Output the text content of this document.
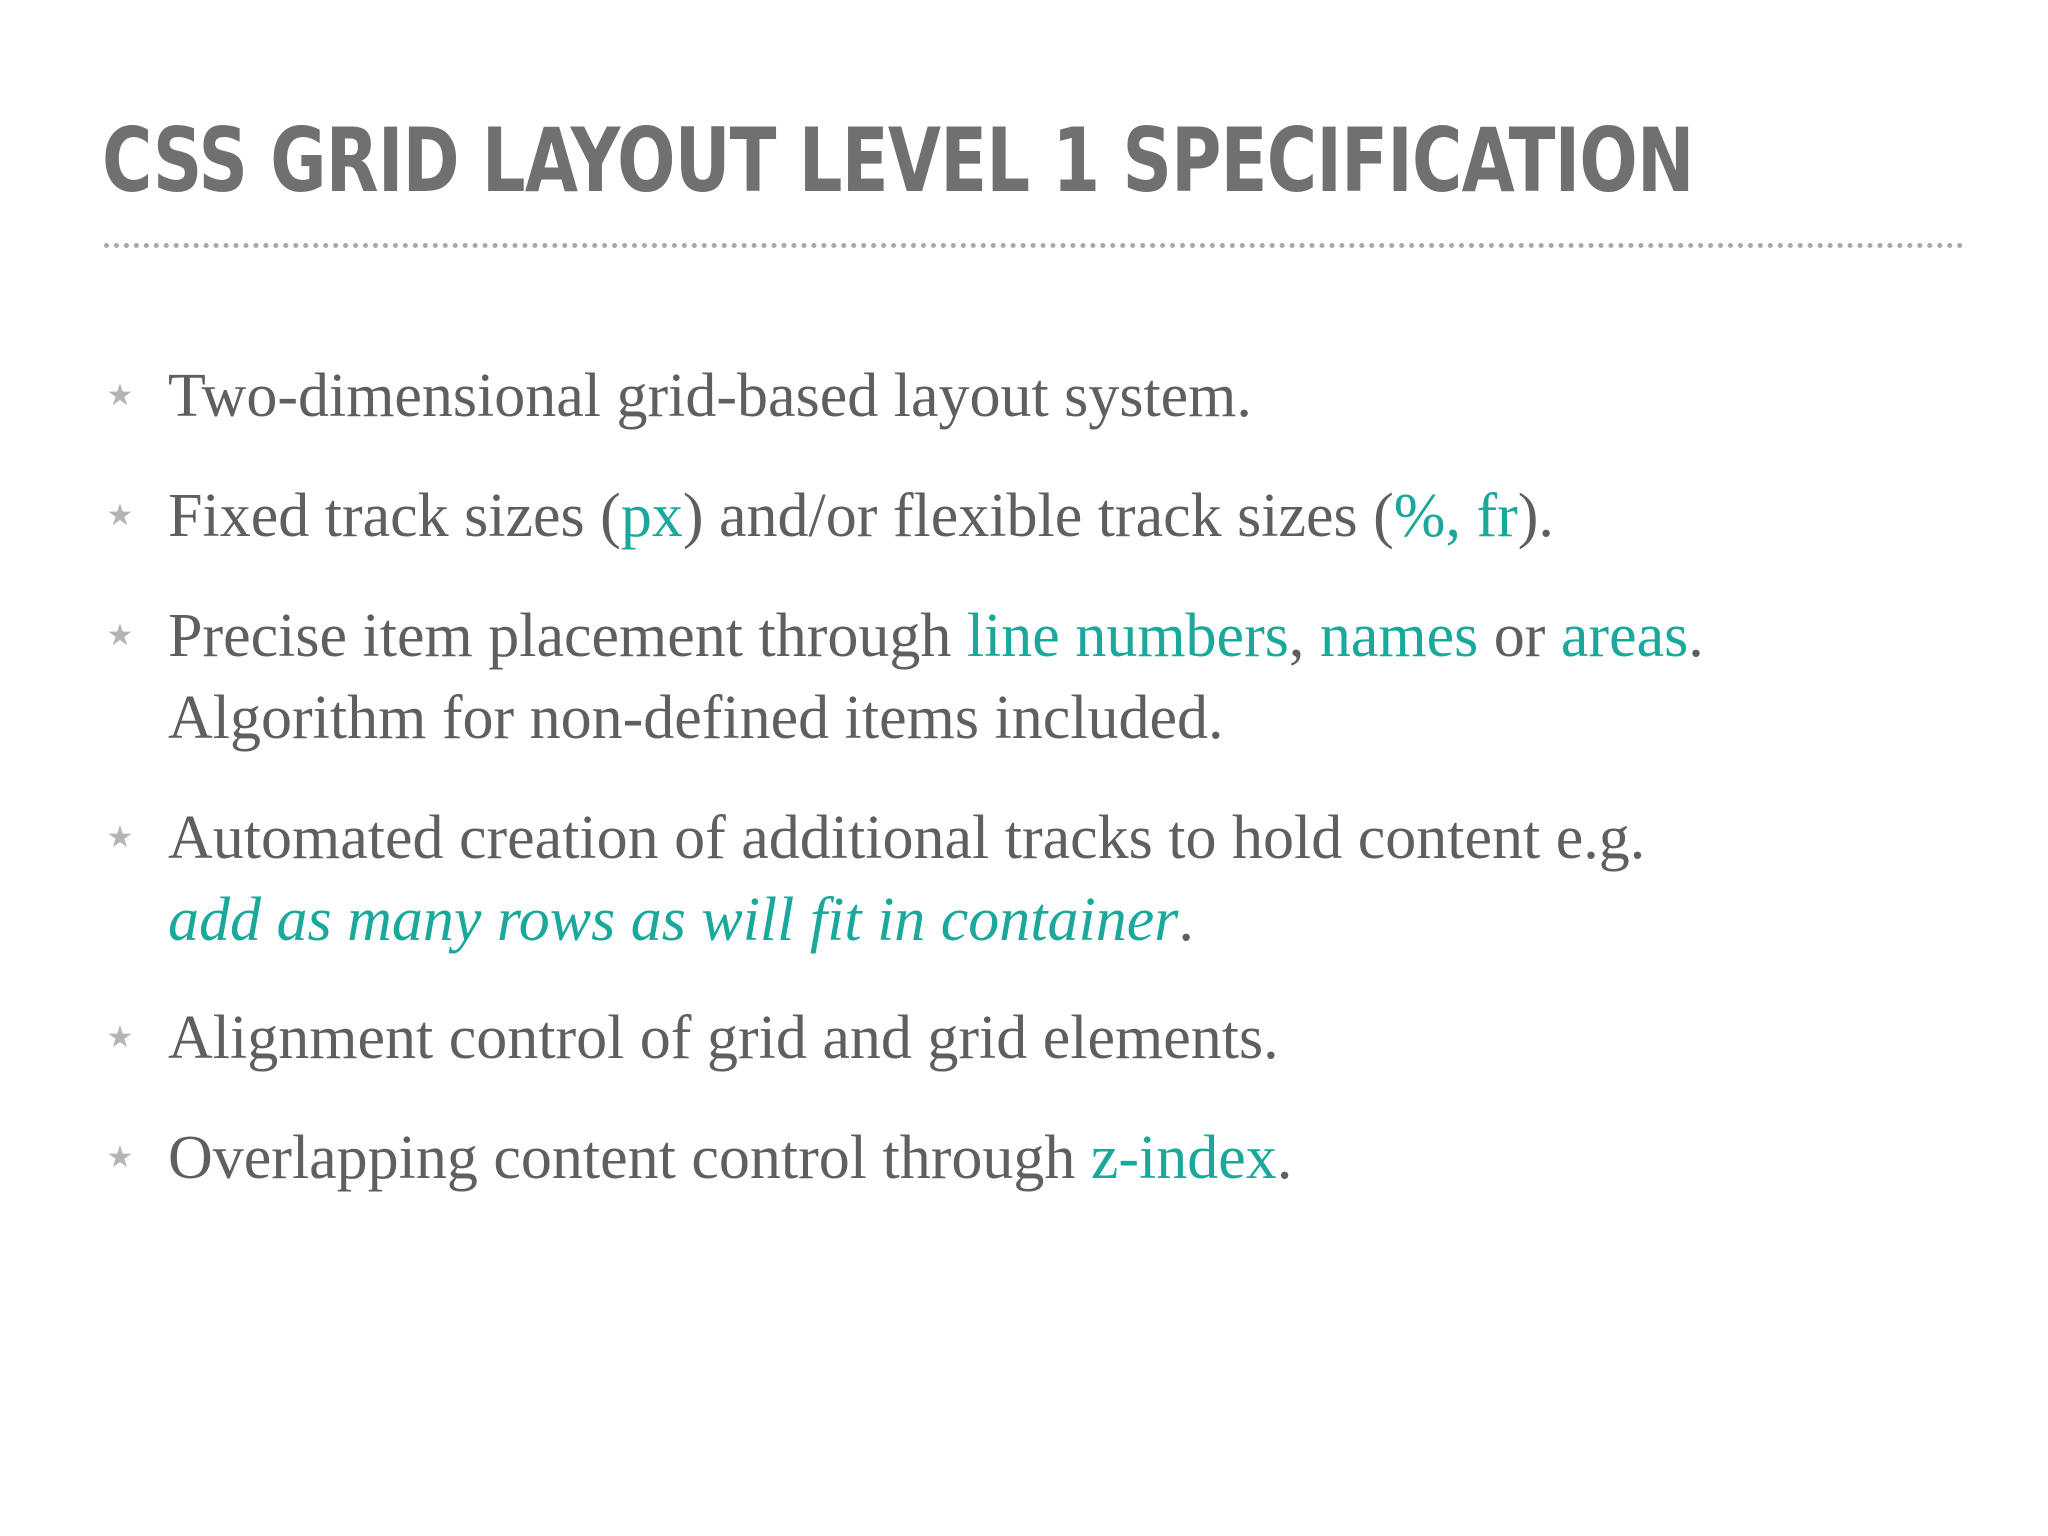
CSS GRID LAYOUT LEVEL 1 SPECIFICATION
★ Two-dimensional grid-based layout system.
★ Fixed track sizes (px) and/or flexible track sizes (%, fr).
★ Precise item placement through line numbers, names or areas.
Algorithm for non-defined items included.
★ Automated creation of additional tracks to hold content e.g.
add as many rows as will fit in container.
★ Alignment control of grid and grid elements.
★ Overlapping content control through z-index.
